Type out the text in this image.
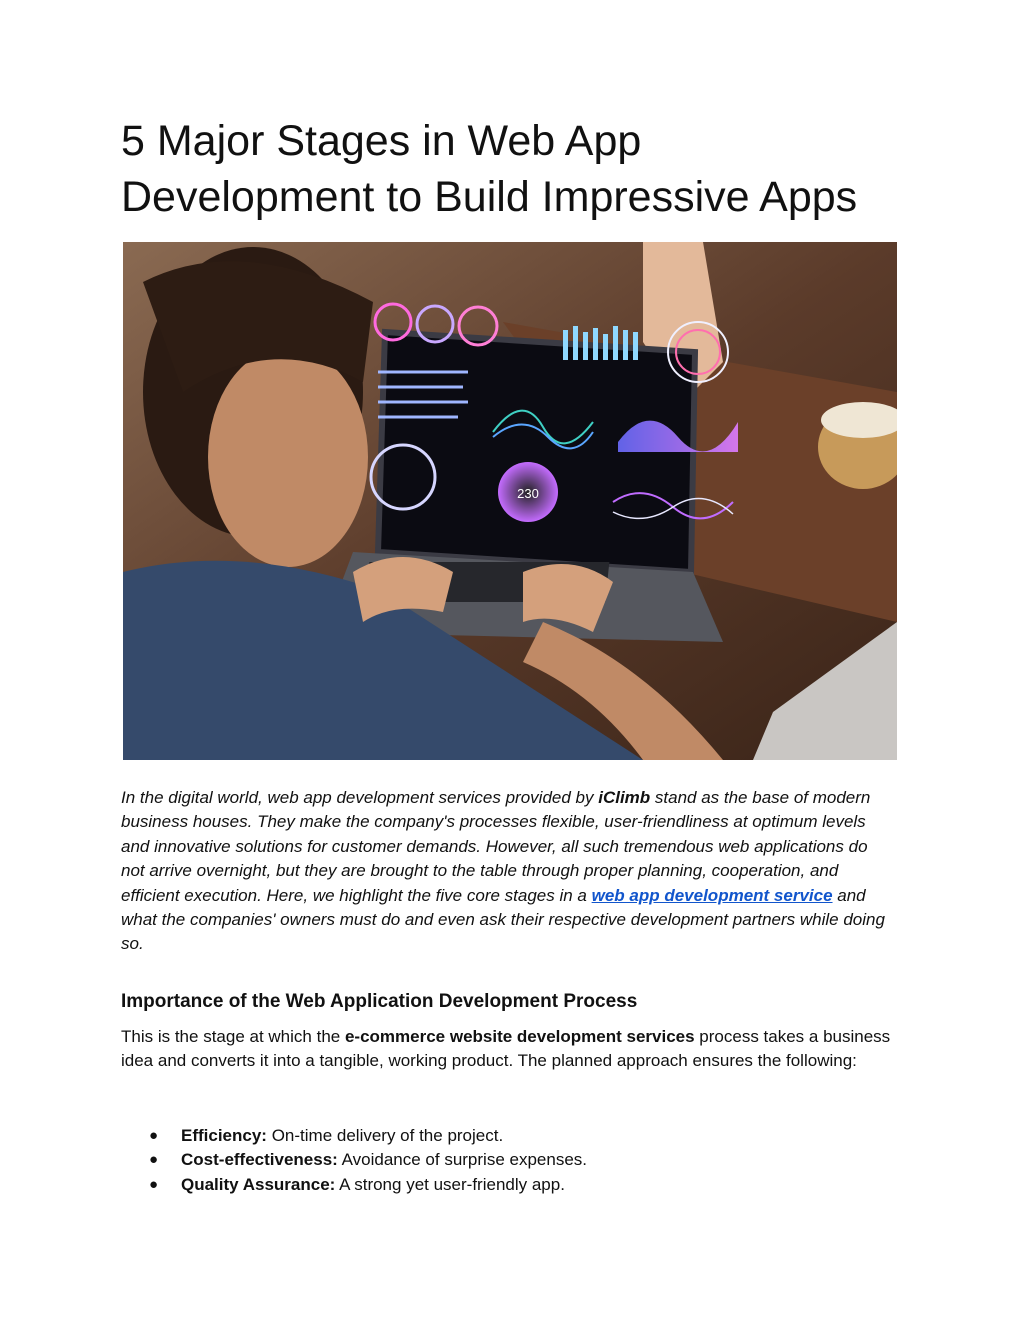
5 Major Stages in Web App
Development to Build Impressive Apps
230

In the digital world, web app development services provided by iClimb stand as the base of modern business houses. They make the company's processes flexible, user-friendliness at optimum levels and innovative solutions for customer demands. However, all such tremendous web applications do not arrive overnight, but they are brought to the table through proper planning, cooperation, and efficient execution. Here, we highlight the five core stages in a web app development service and what the companies' owners must do and even ask their respective development partners while doing so.

Importance of the Web Application Development Process

This is the stage at which the e-commerce website development services process takes a business idea and converts it into a tangible, working product. The planned approach ensures the following:

● Efficiency: On-time delivery of the project.
● Cost-effectiveness: Avoidance of surprise expenses.
● Quality Assurance: A strong yet user-friendly app.
